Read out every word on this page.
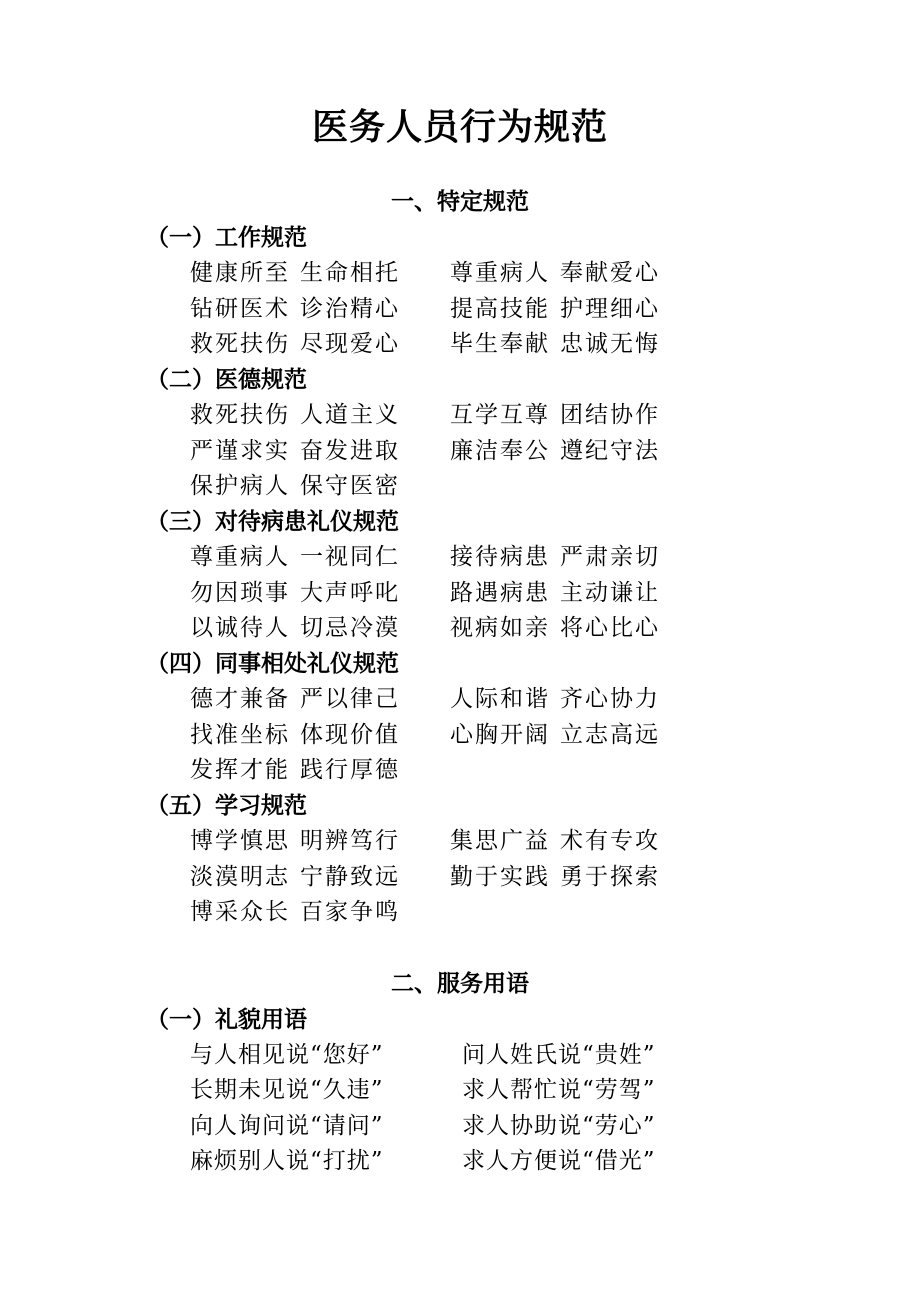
医务人员行为规范
一、特定规范
（一）工作规范
健康所至 生命相托 尊重病人 奉献爱心
钻研医术 诊治精心 提高技能 护理细心
救死扶伤 尽现爱心 毕生奉献 忠诚无悔
（二）医德规范
救死扶伤 人道主义 互学互尊 团结协作
严谨求实 奋发进取 廉洁奉公 遵纪守法
保护病人 保守医密
（三）对待病患礼仪规范
尊重病人 一视同仁 接待病患 严肃亲切
勿因琐事 大声呼叱 路遇病患 主动谦让
以诚待人 切忌冷漠 视病如亲 将心比心
（四）同事相处礼仪规范
德才兼备 严以律己 人际和谐 齐心协力
找准坐标 体现价值 心胸开阔 立志高远
发挥才能 践行厚德
（五）学习规范
博学慎思 明辨笃行 集思广益 术有专攻
淡漠明志 宁静致远 勤于实践 勇于探索
博采众长 百家争鸣
二、服务用语
（一）礼貌用语
与人相见说“您好”	问人姓氏说“贵姓”
长期未见说“久违”	求人帮忙说“劳驾”
向人询问说“请问”	求人协助说“劳心”
麻烦别人说“打扰”	求人方便说“借光”
